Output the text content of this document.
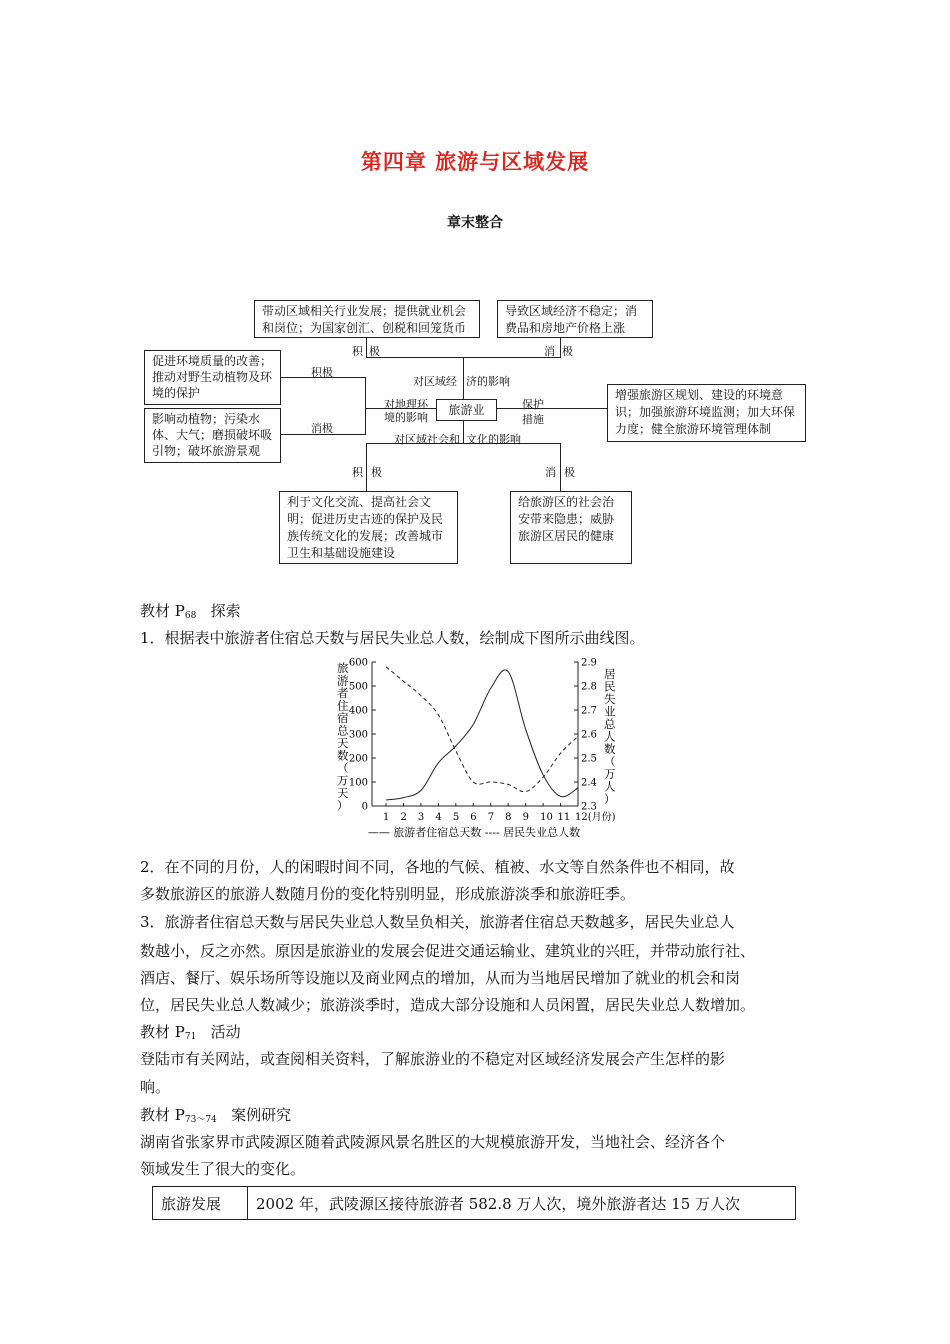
第四章 旅游与区域发展
章末整合
带动区域相关行业发展；提供就业机会和岗位；为国家创汇、创税和回笼货币
导致区域经济不稳定；消费品和房地产价格上涨
促进环境质量的改善；推动对野生动植物及环境的保护
影响动植物；污染水体、大气；磨损破坏吸引物；破坏旅游景观
旅游业
增强旅游区规划、建设的环境意识；加强旅游环境监测；加大环保力度；健全旅游环境管理体制
利于文化交流、提高社会文明；促进历史古迹的保护及民族传统文化的发展；改善城市卫生和基础设施建设
给旅游区的社会治安带来隐患；威胁旅游区居民的健康
积 极	消 极
对区域经 济的影响
对地理环
境的影响
积极
消极
保护
措施
对区域社会和 文化的影响
积 极	消 极
教材 $P_{68}$ 探索
1．根据表中旅游者住宿总天数与居民失业总人数，绘制成下图所示曲线图。
0
100
200
300
400
500
600
2.3
2.4
2.5
2.6
2.7
2.8
2.9
1 2 3 4 5 6 7 8 9 10 11 12(月份)
旅
游
者
住
宿
总
天
数
（
万
天
）
居
民
失
业
总
人
数
（
万
人
）
—— 旅游者住宿总天数 ---- 居民失业总人数
2．在不同的月份，人的闲暇时间不同，各地的气候、植被、水文等自然条件也不相同，故
多数旅游区的旅游人数随月份的变化特别明显，形成旅游淡季和旅游旺季。
3．旅游者住宿总天数与居民失业总人数呈负相关，旅游者住宿总天数越多，居民失业总人
数越小，反之亦然。原因是旅游业的发展会促进交通运输业、建筑业的兴旺，并带动旅行社、
酒店、餐厅、娱乐场所等设施以及商业网点的增加，从而为当地居民增加了就业的机会和岗
位，居民失业总人数减少；旅游淡季时，造成大部分设施和人员闲置，居民失业总人数增加。
教材 $P_{71}$ 活动
登陆市有关网站，或查阅相关资料，了解旅游业的不稳定对区域经济发展会产生怎样的影
响。
教材 $P_{73\sim 74}$ 案例研究
湖南省张家界市武陵源区随着武陵源风景名胜区的大规模旅游开发，当地社会、经济各个
领域发生了很大的变化。
旅游发展	2002 年，武陵源区接待旅游者 582.8 万人次，境外旅游者达 15 万人次
